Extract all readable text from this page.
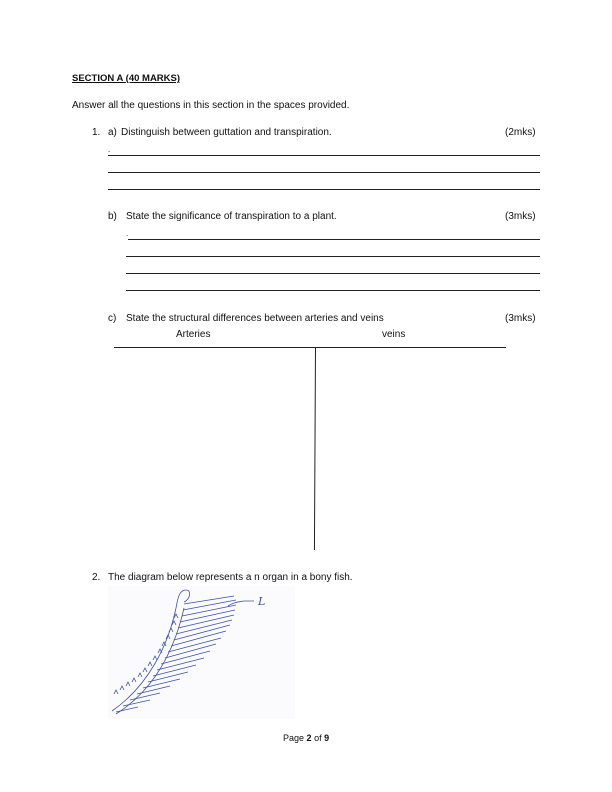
SECTION A (40 MARKS)
Answer all the questions in this section in the spaces provided.
1. a) Distinguish between guttation and transpiration.	(2mks)
.
b) State the significance of transpiration to a plant.	(3mks)
.
c) State the structural differences between arteries and veins	(3mks)
Arteries	veins
2. The diagram below represents a n organ in a bony fish.
L
Page 2 of 9
